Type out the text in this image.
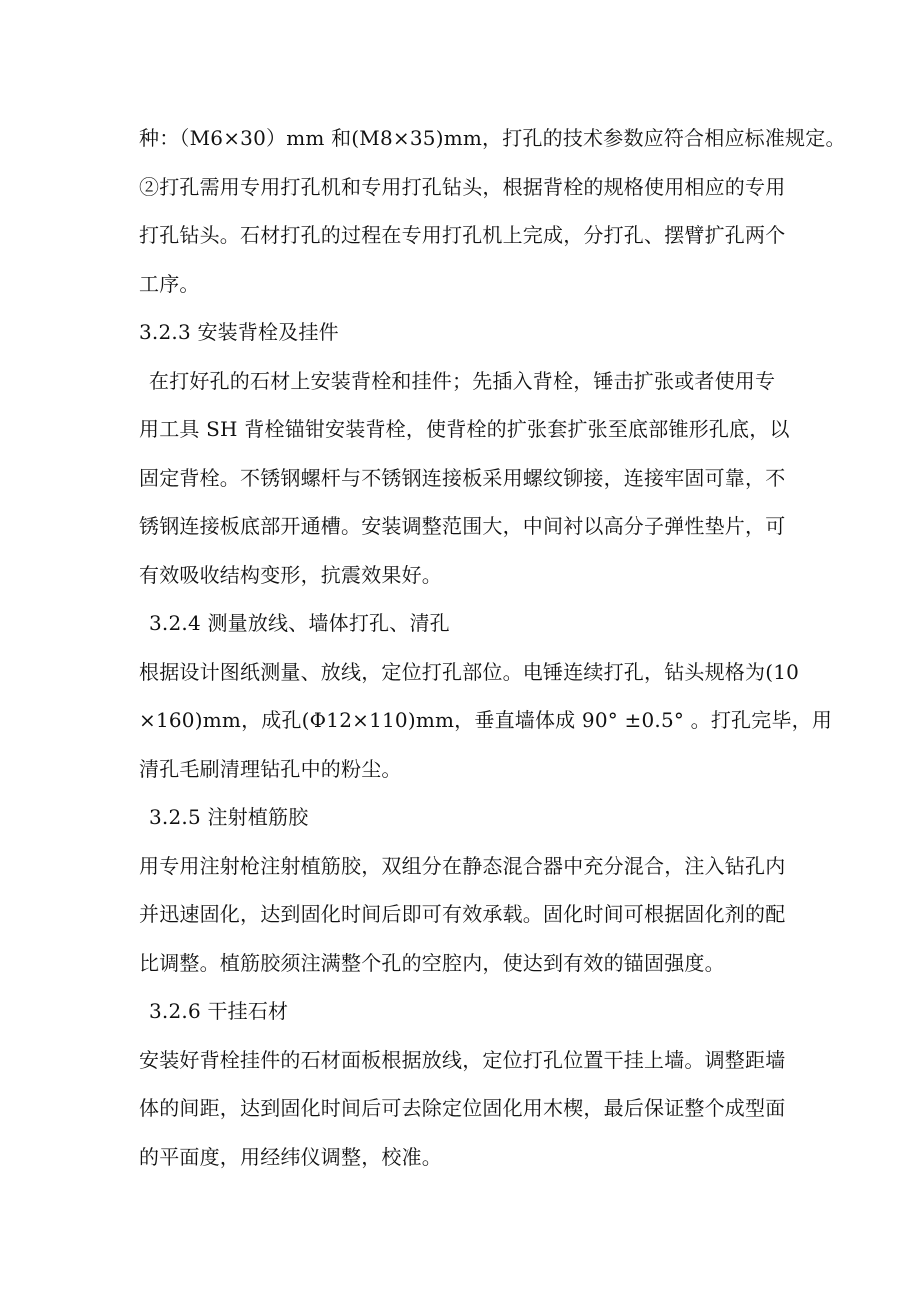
种：（M6×30）mm 和(M8×35)mm，打孔的技术参数应符合相应标准规定。
②打孔需用专用打孔机和专用打孔钻头，根据背栓的规格使用相应的专用
打孔钻头。石材打孔的过程在专用打孔机上完成，分打孔、摆臂扩孔两个
工序。
3.2.3 安装背栓及挂件
在打好孔的石材上安装背栓和挂件；先插入背栓，锤击扩张或者使用专
用工具 SH 背栓锚钳安装背栓，使背栓的扩张套扩张至底部锥形孔底，以
固定背栓。不锈钢螺杆与不锈钢连接板采用螺纹铆接，连接牢固可靠，不
锈钢连接板底部开通槽。安装调整范围大，中间衬以高分子弹性垫片，可
有效吸收结构变形，抗震效果好。
3.2.4 测量放线、墙体打孔、清孔
根据设计图纸测量、放线，定位打孔部位。电锤连续打孔，钻头规格为(10
×160)mm，成孔(Φ12×110)mm，垂直墙体成 90° ±0.5° 。打孔完毕，用
清孔毛刷清理钻孔中的粉尘。
3.2.5 注射植筋胶
用专用注射枪注射植筋胶，双组分在静态混合器中充分混合，注入钻孔内
并迅速固化，达到固化时间后即可有效承载。固化时间可根据固化剂的配
比调整。植筋胶须注满整个孔的空腔内，使达到有效的锚固强度。
3.2.6 干挂石材
安装好背栓挂件的石材面板根据放线，定位打孔位置干挂上墙。调整距墙
体的间距，达到固化时间后可去除定位固化用木楔，最后保证整个成型面
的平面度，用经纬仪调整，校准。
